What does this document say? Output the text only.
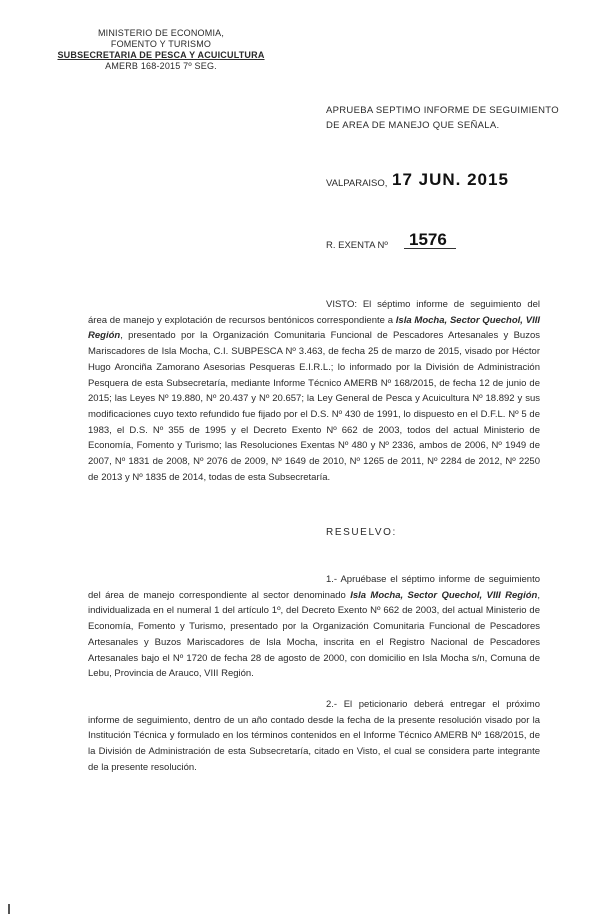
MINISTERIO DE ECONOMIA,
FOMENTO Y TURISMO
SUBSECRETARIA DE PESCA Y ACUICULTURA
AMERB 168-2015 7º SEG.
APRUEBA SEPTIMO INFORME DE SEGUIMIENTO
DE AREA DE MANEJO QUE SEÑALA.
VALPARAISO, 17 JUN. 2015
R. EXENTA Nº 1576
VISTO: El séptimo informe de seguimiento del área de manejo y explotación de recursos bentónicos correspondiente a Isla Mocha, Sector Quechol, VIII Región, presentado por la Organización Comunitaria Funcional de Pescadores Artesanales y Buzos Mariscadores de Isla Mocha, C.I. SUBPESCA Nº 3.463, de fecha 25 de marzo de 2015, visado por Héctor Hugo Aronciña Zamorano Asesorias Pesqueras E.I.R.L.; lo informado por la División de Administración Pesquera de esta Subsecretaría, mediante Informe Técnico AMERB Nº 168/2015, de fecha 12 de junio de 2015; las Leyes Nº 19.880, Nº 20.437 y Nº 20.657; la Ley General de Pesca y Acuicultura Nº 18.892 y sus modificaciones cuyo texto refundido fue fijado por el D.S. Nº 430 de 1991, lo dispuesto en el D.F.L. Nº 5 de 1983, el D.S. Nº 355 de 1995 y el Decreto Exento Nº 662 de 2003, todos del actual Ministerio de Economía, Fomento y Turismo; las Resoluciones Exentas Nº 480 y Nº 2336, ambos de 2006, Nº 1949 de 2007, Nº 1831 de 2008, Nº 2076 de 2009, Nº 1649 de 2010, Nº 1265 de 2011, Nº 2284 de 2012, Nº 2250 de 2013 y Nº 1835 de 2014, todas de esta Subsecretaría.
RESUELVO:
1.- Apruébase el séptimo informe de seguimiento del área de manejo correspondiente al sector denominado Isla Mocha, Sector Quechol, VIII Región, individualizada en el numeral 1 del artículo 1º, del Decreto Exento Nº 662 de 2003, del actual Ministerio de Economía, Fomento y Turismo, presentado por la Organización Comunitaria Funcional de Pescadores Artesanales y Buzos Mariscadores de Isla Mocha, inscrita en el Registro Nacional de Pescadores Artesanales bajo el Nº 1720 de fecha 28 de agosto de 2000, con domicilio en Isla Mocha s/n, Comuna de Lebu, Provincia de Arauco, VIII Región.
2.- El peticionario deberá entregar el próximo informe de seguimiento, dentro de un año contado desde la fecha de la presente resolución visado por la Institución Técnica y formulado en los términos contenidos en el Informe Técnico AMERB Nº 168/2015, de la División de Administración de esta Subsecretaría, citado en Visto, el cual se considera parte integrante de la presente resolución.
